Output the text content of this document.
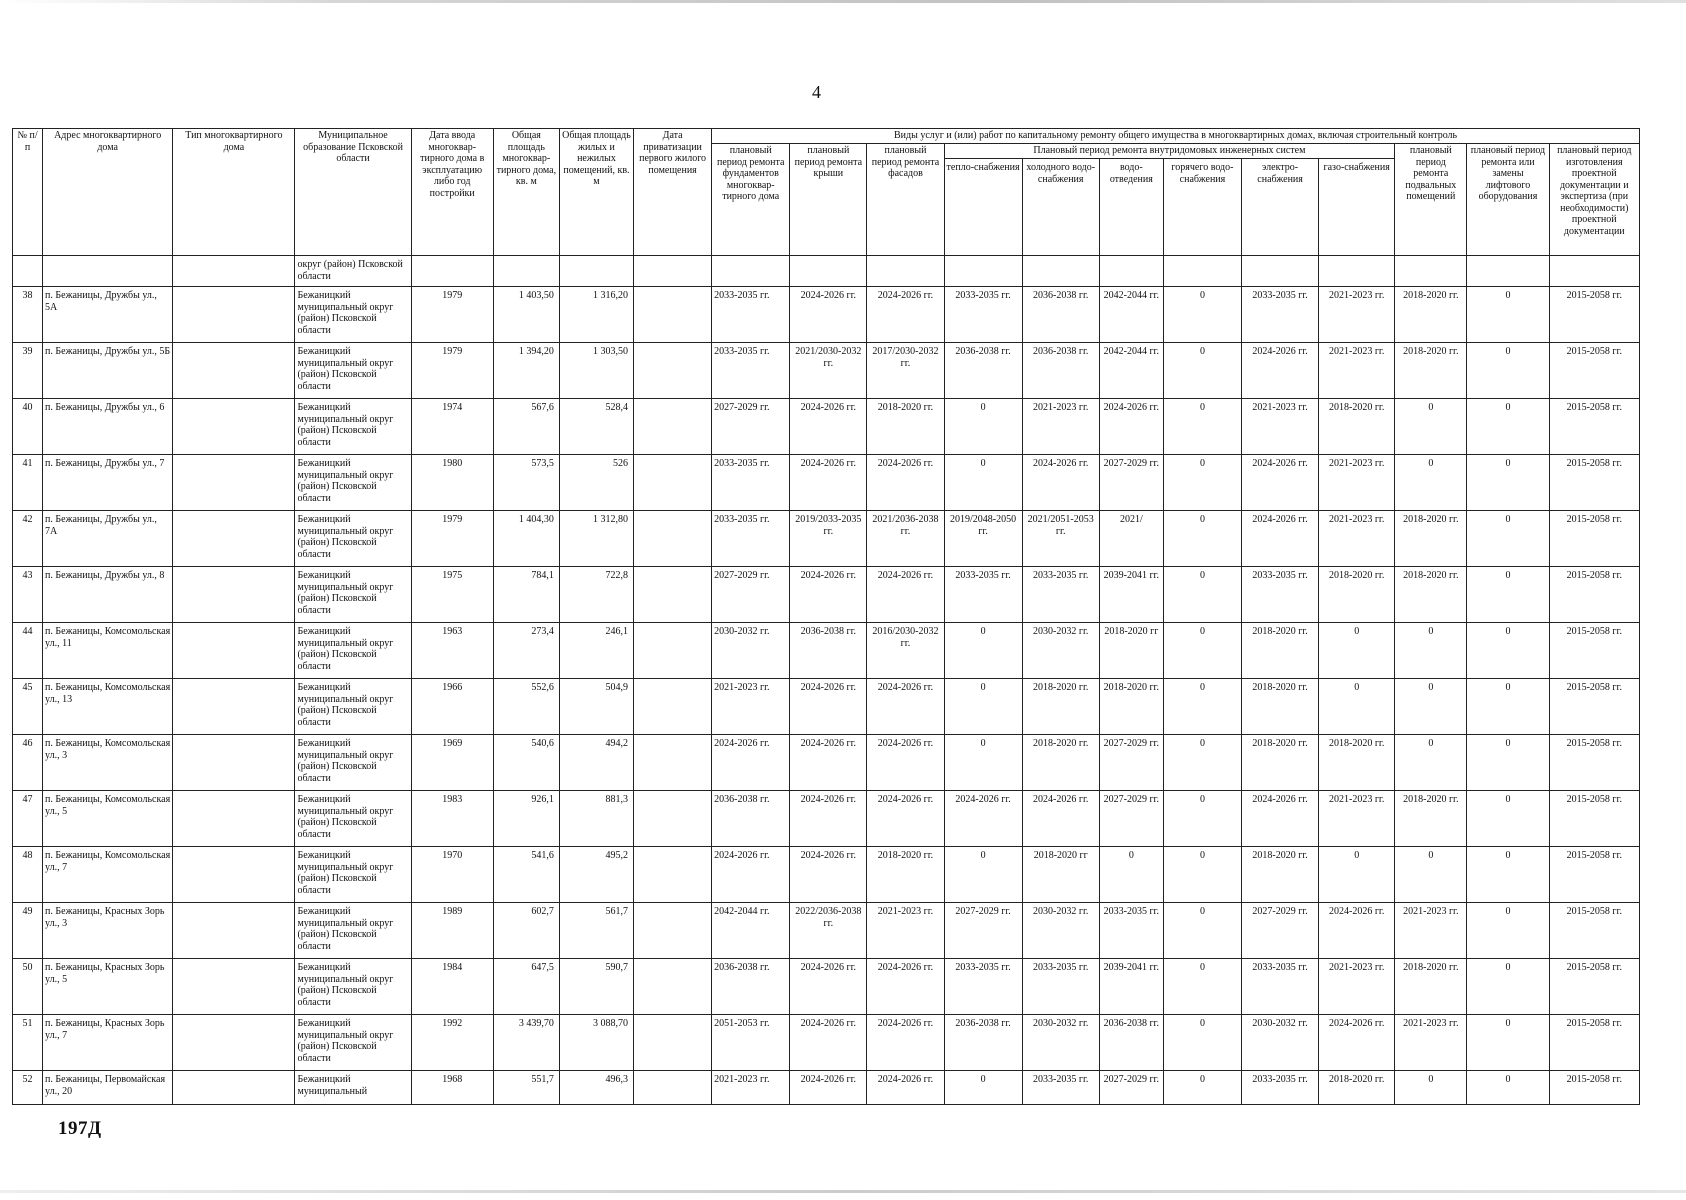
4
№ п/п	Адрес многоквартирного дома	Тип многоквартирного дома	Муниципальное образование Псковской области	Дата ввода многоквар-тирного дома в эксплуатацию либо год постройки	Общая площадь многоквар-тирного дома, кв. м	Общая площадь жилых и нежилых помещений, кв. м	Дата приватизации первого жилого помещения	Виды услуг и (или) работ по капитальному ремонту общего имущества в многоквартирных домах, включая строительный контроль											
								плановый период ремонта фундаментов многоквар-тирного дома	плановый период ремонта крыши	плановый период ремонта фасадов	Плановый период ремонта внутридомовых инженерных систем						плановый период ремонта подвальных помещений	плановый период ремонта или замены лифтового оборудования	плановый период изготовления проектной документации и экспертиза (при необходимости) проектной документации
											тепло-снабжения	холодного водо-снабжения	водо-отведения	горячего водо-снабжения	электро-снабжения	газо-снабжения			
			округ (район) Псковской области																
38	п. Бежаницы, Дружбы ул., 5А		Бежаницкий муниципальный округ (район) Псковской области	1979	1 403,50	1 316,20		2033-2035 гг.	2024-2026 гг.	2024-2026 гг.	2033-2035 гг.	2036-2038 гг.	2042-2044 гг.	0	2033-2035 гг.	2021-2023 гг.	2018-2020 гг.	0	2015-2058 гг.
39	п. Бежаницы, Дружбы ул., 5Б		Бежаницкий муниципальный округ (район) Псковской области	1979	1 394,20	1 303,50		2033-2035 гг.	2021/2030-2032 гг.	2017/2030-2032 гг.	2036-2038 гг.	2036-2038 гг.	2042-2044 гг.	0	2024-2026 гг.	2021-2023 гг.	2018-2020 гг.	0	2015-2058 гг.
40	п. Бежаницы, Дружбы ул., 6		Бежаницкий муниципальный округ (район) Псковской области	1974	567,6	528,4		2027-2029 гг.	2024-2026 гг.	2018-2020 гг.	0	2021-2023 гг.	2024-2026 гг.	0	2021-2023 гг.	2018-2020 гг.	0	0	2015-2058 гг.
41	п. Бежаницы, Дружбы ул., 7		Бежаницкий муниципальный округ (район) Псковской области	1980	573,5	526		2033-2035 гг.	2024-2026 гг.	2024-2026 гг.	0	2024-2026 гг.	2027-2029 гг.	0	2024-2026 гг.	2021-2023 гг.	0	0	2015-2058 гг.
42	п. Бежаницы, Дружбы ул., 7А		Бежаницкий муниципальный округ (район) Псковской области	1979	1 404,30	1 312,80		2033-2035 гг.	2019/2033-2035 гг.	2021/2036-2038 гг.	2019/2048-2050 гг.	2021/2051-2053 гг.	2021/	0	2024-2026 гг.	2021-2023 гг.	2018-2020 гг.	0	2015-2058 гг.
43	п. Бежаницы, Дружбы ул., 8		Бежаницкий муниципальный округ (район) Псковской области	1975	784,1	722,8		2027-2029 гг.	2024-2026 гг.	2024-2026 гг.	2033-2035 гг.	2033-2035 гг.	2039-2041 гг.	0	2033-2035 гг.	2018-2020 гг.	2018-2020 гг.	0	2015-2058 гг.
44	п. Бежаницы, Комсомольская ул., 11		Бежаницкий муниципальный округ (район) Псковской области	1963	273,4	246,1		2030-2032 гг.	2036-2038 гг.	2016/2030-2032 гг.	0	2030-2032 гг.	2018-2020 гг	0	2018-2020 гг.	0	0	0	2015-2058 гг.
45	п. Бежаницы, Комсомольская ул., 13		Бежаницкий муниципальный округ (район) Псковской области	1966	552,6	504,9		2021-2023 гг.	2024-2026 гг.	2024-2026 гг.	0	2018-2020 гг.	2018-2020 гг.	0	2018-2020 гг.	0	0	0	2015-2058 гг.
46	п. Бежаницы, Комсомольская ул., 3		Бежаницкий муниципальный округ (район) Псковской области	1969	540,6	494,2		2024-2026 гг.	2024-2026 гг.	2024-2026 гг.	0	2018-2020 гг.	2027-2029 гг.	0	2018-2020 гг.	2018-2020 гг.	0	0	2015-2058 гг.
47	п. Бежаницы, Комсомольская ул., 5		Бежаницкий муниципальный округ (район) Псковской области	1983	926,1	881,3		2036-2038 гг.	2024-2026 гг.	2024-2026 гг.	2024-2026 гг.	2024-2026 гг.	2027-2029 гг.	0	2024-2026 гг.	2021-2023 гг.	2018-2020 гг.	0	2015-2058 гг.
48	п. Бежаницы, Комсомольская ул., 7		Бежаницкий муниципальный округ (район) Псковской области	1970	541,6	495,2		2024-2026 гг.	2024-2026 гг.	2018-2020 гг.	0	2018-2020 гг	0	0	2018-2020 гг.	0	0	0	2015-2058 гг.
49	п. Бежаницы, Красных Зорь ул., 3		Бежаницкий муниципальный округ (район) Псковской области	1989	602,7	561,7		2042-2044 гг.	2022/2036-2038 гг.	2021-2023 гг.	2027-2029 гг.	2030-2032 гг.	2033-2035 гг.	0	2027-2029 гг.	2024-2026 гг.	2021-2023 гг.	0	2015-2058 гг.
50	п. Бежаницы, Красных Зорь ул., 5		Бежаницкий муниципальный округ (район) Псковской области	1984	647,5	590,7		2036-2038 гг.	2024-2026 гг.	2024-2026 гг.	2033-2035 гг.	2033-2035 гг.	2039-2041 гг.	0	2033-2035 гг.	2021-2023 гг.	2018-2020 гг.	0	2015-2058 гг.
51	п. Бежаницы, Красных Зорь ул., 7		Бежаницкий муниципальный округ (район) Псковской области	1992	3 439,70	3 088,70		2051-2053 гг.	2024-2026 гг.	2024-2026 гг.	2036-2038 гг.	2030-2032 гг.	2036-2038 гг.	0	2030-2032 гг.	2024-2026 гг.	2021-2023 гг.	0	2015-2058 гг.
52	п. Бежаницы, Первомайская ул., 20		Бежаницкий муниципальный	1968	551,7	496,3		2021-2023 гг.	2024-2026 гг.	2024-2026 гг.	0	2033-2035 гг.	2027-2029 гг.	0	2033-2035 гг.	2018-2020 гг.	0	0	2015-2058 гг.
197Д
